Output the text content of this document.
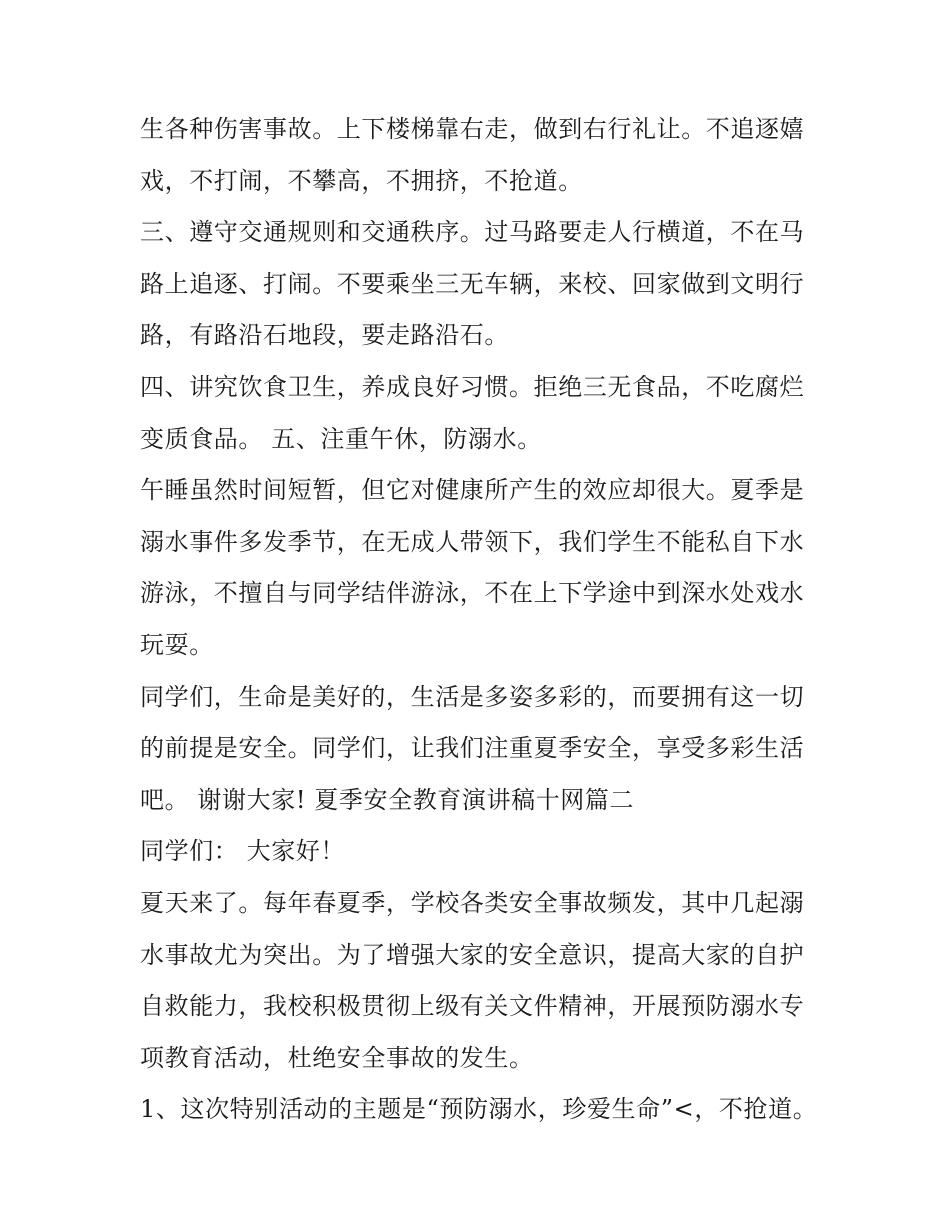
生各种伤害事故。上下楼梯靠右走，做到右行礼让。不追逐嬉
戏，不打闹，不攀高，不拥挤，不抢道。
三、遵守交通规则和交通秩序。过马路要走人行横道，不在马
路上追逐、打闹。不要乘坐三无车辆，来校、回家做到文明行
路，有路沿石地段，要走路沿石。
四、讲究饮食卫生，养成良好习惯。拒绝三无食品，不吃腐烂
变质食品。 五、注重午休，防溺水。
午睡虽然时间短暂，但它对健康所产生的效应却很大。夏季是
溺水事件多发季节，在无成人带领下，我们学生不能私自下水
游泳，不擅自与同学结伴游泳，不在上下学途中到深水处戏水
玩耍。
同学们，生命是美好的，生活是多姿多彩的，而要拥有这一切
的前提是安全。同学们，让我们注重夏季安全，享受多彩生活
吧。 谢谢大家! 夏季安全教育演讲稿十网篇二
同学们： 大家好！
夏天来了。每年春夏季，学校各类安全事故频发，其中几起溺
水事故尤为突出。为了增强大家的安全意识，提高大家的自护
自救能力，我校积极贯彻上级有关文件精神，开展预防溺水专
项教育活动，杜绝安全事故的发生。
1、这次特别活动的主题是“预防溺水，珍爱生命”<，不抢道。
